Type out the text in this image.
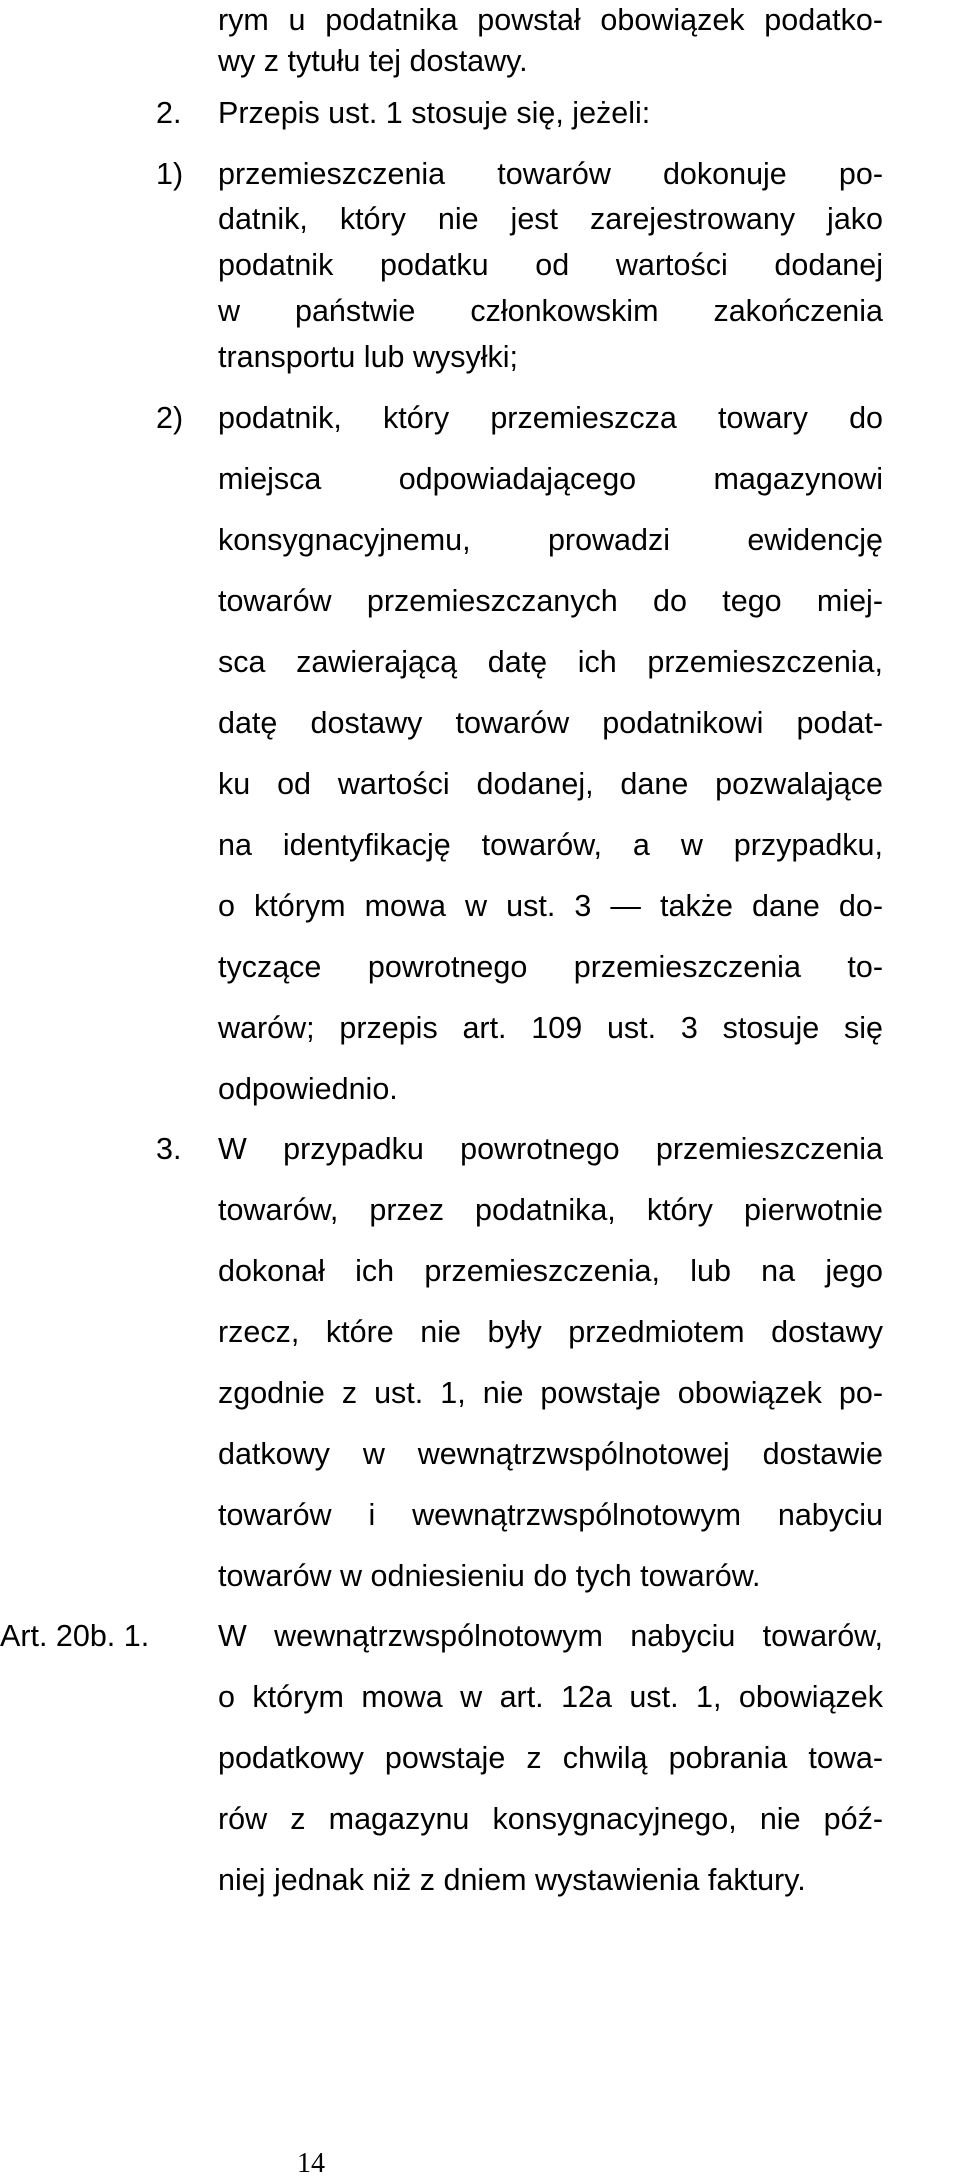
rym u podatnika powstał obowiązek podatko-
wy z tytułu tej dostawy.
2. Przepis ust. 1 stosuje się, jeżeli:
1) przemieszczenia towarów dokonuje po-
datnik, który nie jest zarejestrowany jako
podatnik podatku od wartości dodanej
w państwie członkowskim zakończenia
transportu lub wysyłki;
2) podatnik, który przemieszcza towary do
miejsca odpowiadającego magazynowi
konsygnacyjnemu, prowadzi ewidencję
towarów przemieszczanych do tego miej-
sca zawierającą datę ich przemieszczenia,
datę dostawy towarów podatnikowi podat-
ku od wartości dodanej, dane pozwalające
na identyfikację towarów, a w przypadku,
o którym mowa w ust. 3 — także dane do-
tyczące powrotnego przemieszczenia to-
warów; przepis art. 109 ust. 3 stosuje się
odpowiednio.
3. W przypadku powrotnego przemieszczenia
towarów, przez podatnika, który pierwotnie
dokonał ich przemieszczenia, lub na jego
rzecz, które nie były przedmiotem dostawy
zgodnie z ust. 1, nie powstaje obowiązek po-
datkowy w wewnątrzwspólnotowej dostawie
towarów i wewnątrzwspólnotowym nabyciu
towarów w odniesieniu do tych towarów.
Art. 20b. 1. W wewnątrzwspólnotowym nabyciu towarów,
o którym mowa w art. 12a ust. 1, obowiązek
podatkowy powstaje z chwilą pobrania towa-
rów z magazynu konsygnacyjnego, nie póź-
niej jednak niż z dniem wystawienia faktury.
14
